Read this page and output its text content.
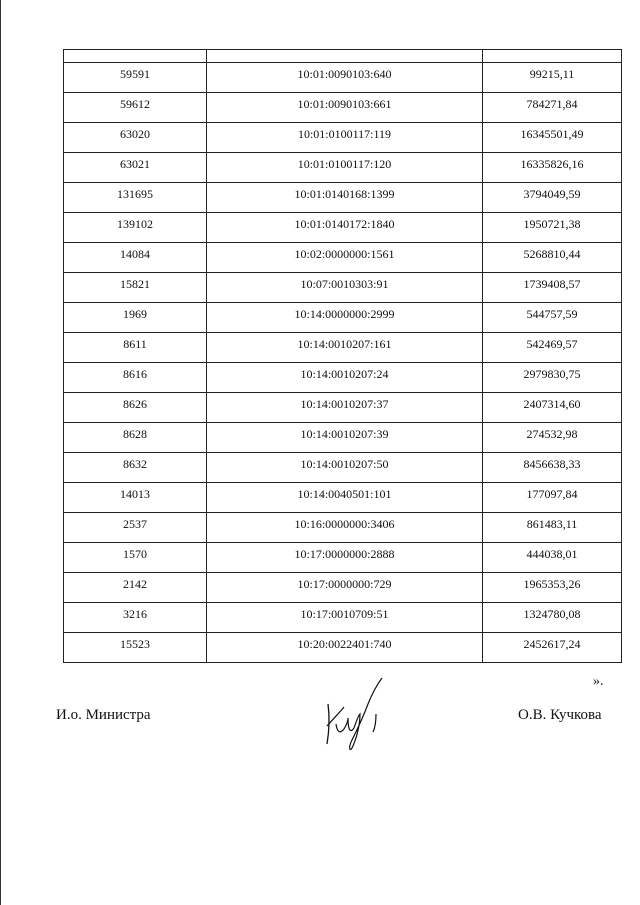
59591	10:01:0090103:640	99215,11
59612	10:01:0090103:661	784271,84
63020	10:01:0100117:119	16345501,49
63021	10:01:0100117:120	16335826,16
131695	10:01:0140168:1399	3794049,59
139102	10:01:0140172:1840	1950721,38
14084	10:02:0000000:1561	5268810,44
15821	10:07:0010303:91	1739408,57
1969	10:14:0000000:2999	544757,59
8611	10:14:0010207:161	542469,57
8616	10:14:0010207:24	2979830,75
8626	10:14:0010207:37	2407314,60
8628	10:14:0010207:39	274532,98
8632	10:14:0010207:50	8456638,33
14013	10:14:0040501:101	177097,84
2537	10:16:0000000:3406	861483,11
1570	10:17:0000000:2888	444038,01
2142	10:17:0000000:729	1965353,26
3216	10:17:0010709:51	1324780,08
15523	10:20:0022401:740	2452617,24
».
И.о. Министра	О.В. Кучкова
